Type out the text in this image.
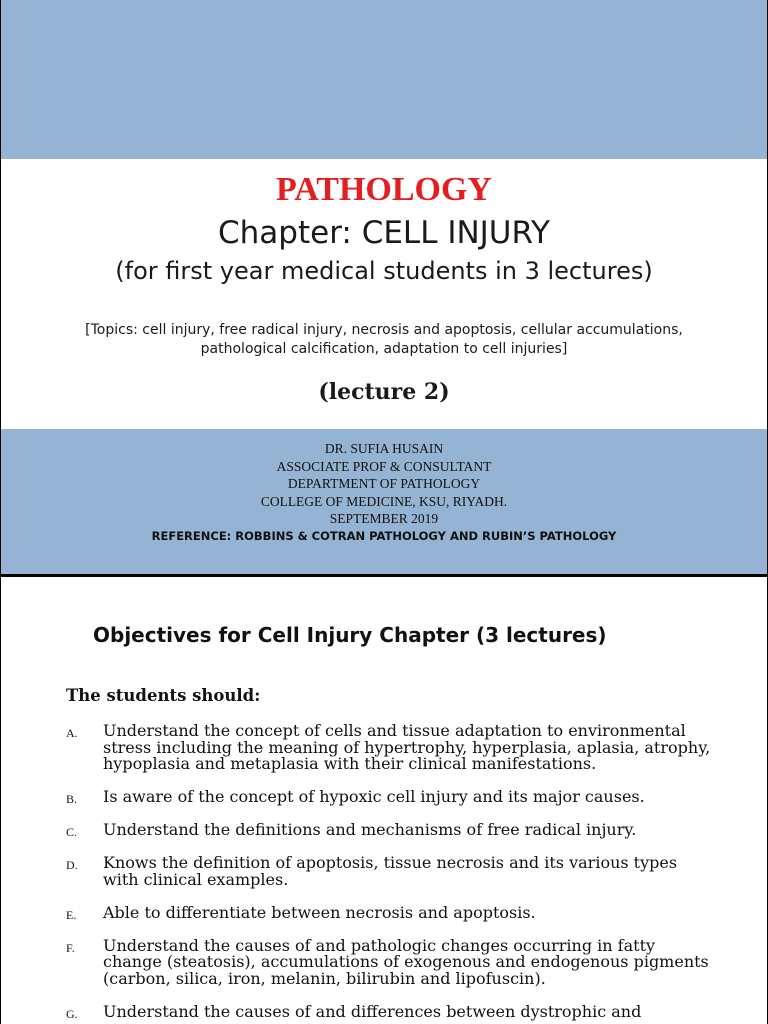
PATHOLOGY
Chapter: CELL INJURY
(for first year medical students in 3 lectures)
[Topics: cell injury, free radical injury, necrosis and apoptosis, cellular accumulations, pathological calcification, adaptation to cell injuries]
(lecture 2)
DR. SUFIA HUSAIN
ASSOCIATE PROF & CONSULTANT
DEPARTMENT OF PATHOLOGY
COLLEGE OF MEDICINE, KSU, RIYADH.
SEPTEMBER 2019
REFERENCE: ROBBINS & COTRAN PATHOLOGY AND RUBIN’S PATHOLOGY
Objectives for Cell Injury Chapter (3 lectures)
The students should:
A. Understand the concept of cells and tissue adaptation to environmental stress including the meaning of hypertrophy, hyperplasia, aplasia, atrophy, hypoplasia and metaplasia with their clinical manifestations.
B. Is aware of the concept of hypoxic cell injury and its major causes.
C. Understand the definitions and mechanisms of free radical injury.
D. Knows the definition of apoptosis, tissue necrosis and its various types with clinical examples.
E. Able to differentiate between necrosis and apoptosis.
F. Understand the causes of and pathologic changes occurring in fatty change (steatosis), accumulations of exogenous and endogenous pigments (carbon, silica, iron, melanin, bilirubin and lipofuscin).
G. Understand the causes of and differences between dystrophic and
